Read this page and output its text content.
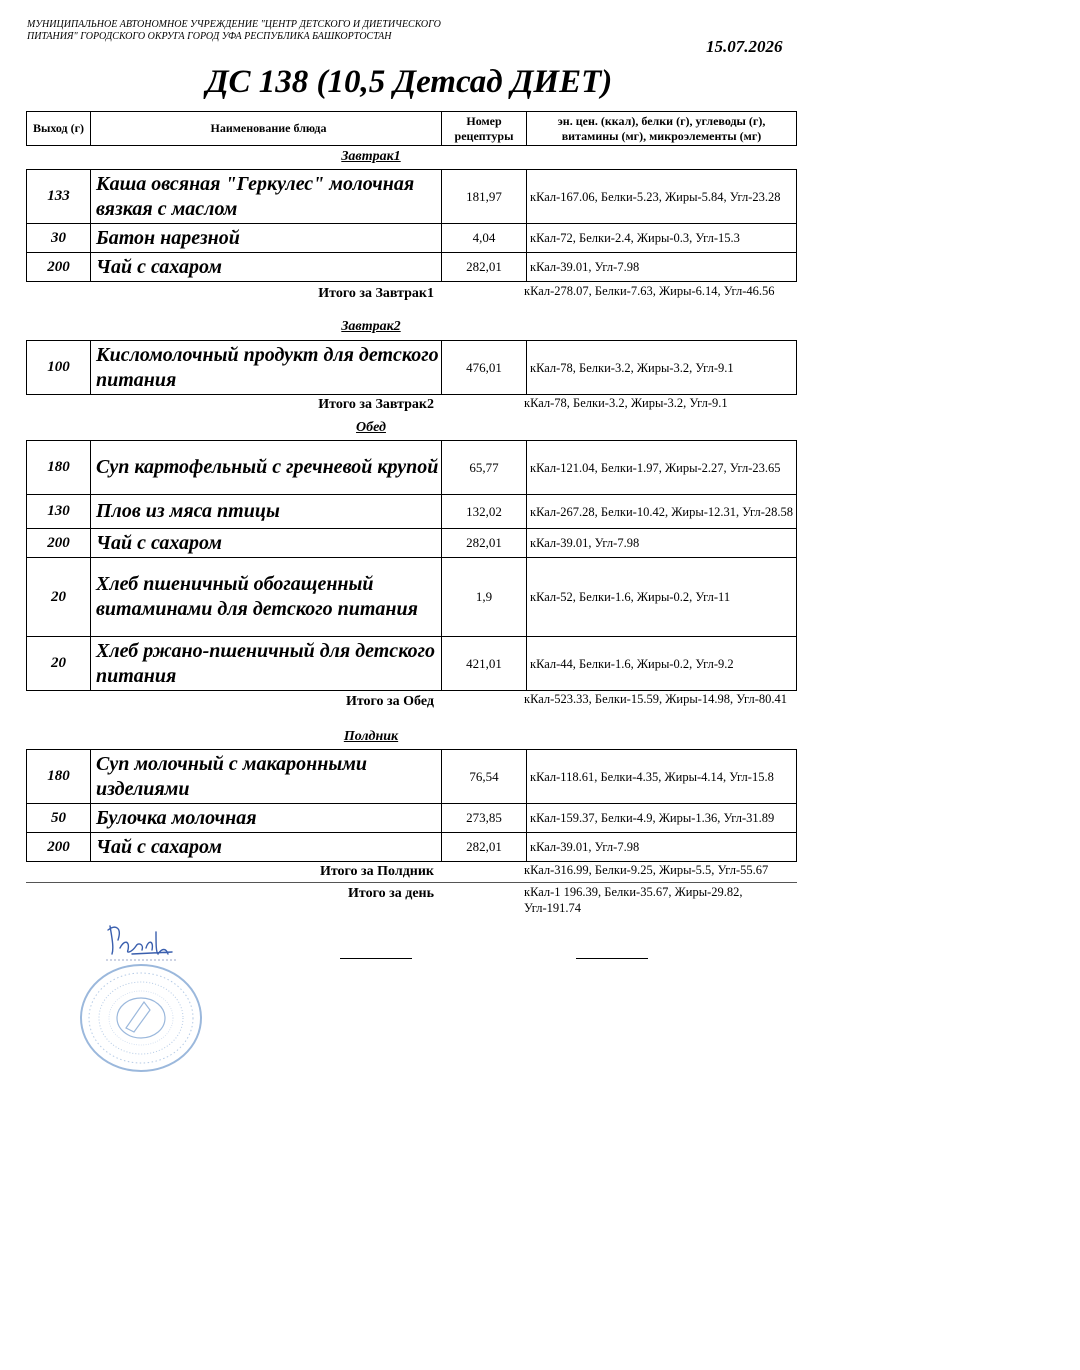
МУНИЦИПАЛЬНОЕ АВТОНОМНОЕ УЧРЕЖДЕНИЕ "ЦЕНТР ДЕТСКОГО И ДИЕТИЧЕСКОГО ПИТАНИЯ" ГОРОДСКОГО ОКРУГА ГОРОД УФА РЕСПУБЛИКА БАШКОРТОСТАН
15.07.2026
ДС 138 (10,5 Детсад ДИЕТ)
Выход (г)	Наименование блюда	Номер рецептуры	эн. цен. (ккал), белки (г), углеводы (г), витамины (мг), микроэлементы (мг)
Завтрак1
133	Каша овсяная "Геркулес" молочная вязкая с маслом	181,97	кКал-167.06, Белки-5.23, Жиры-5.84, Угл-23.28
30	Батон нарезной	4,04	кКал-72, Белки-2.4, Жиры-0.3, Угл-15.3
200	Чай с сахаром	282,01	кКал-39.01, Угл-7.98
Итого за Завтрак1	кКал-278.07, Белки-7.63, Жиры-6.14, Угл-46.56
Завтрак2
100	Кисломолочный продукт для детского питания	476,01	кКал-78, Белки-3.2, Жиры-3.2, Угл-9.1
Итого за Завтрак2	кКал-78, Белки-3.2, Жиры-3.2, Угл-9.1
Обед
180	Суп картофельный с гречневой крупой	65,77	кКал-121.04, Белки-1.97, Жиры-2.27, Угл-23.65
130	Плов из мяса птицы	132,02	кКал-267.28, Белки-10.42, Жиры-12.31, Угл-28.58
200	Чай с сахаром	282,01	кКал-39.01, Угл-7.98
20	Хлеб пшеничный обогащенный витаминами для детского питания	1,9	кКал-52, Белки-1.6, Жиры-0.2, Угл-11
20	Хлеб ржано-пшеничный для детского питания	421,01	кКал-44, Белки-1.6, Жиры-0.2, Угл-9.2
Итого за Обед	кКал-523.33, Белки-15.59, Жиры-14.98, Угл-80.41
Полдник
180	Суп молочный с макаронными изделиями	76,54	кКал-118.61, Белки-4.35, Жиры-4.14, Угл-15.8
50	Булочка молочная	273,85	кКал-159.37, Белки-4.9, Жиры-1.36, Угл-31.89
200	Чай с сахаром	282,01	кКал-39.01, Угл-7.98
Итого за Полдник	кКал-316.99, Белки-9.25, Жиры-5.5, Угл-55.67
Итого за день	кКал-1 196.39, Белки-35.67, Жиры-29.82, Угл-191.74
